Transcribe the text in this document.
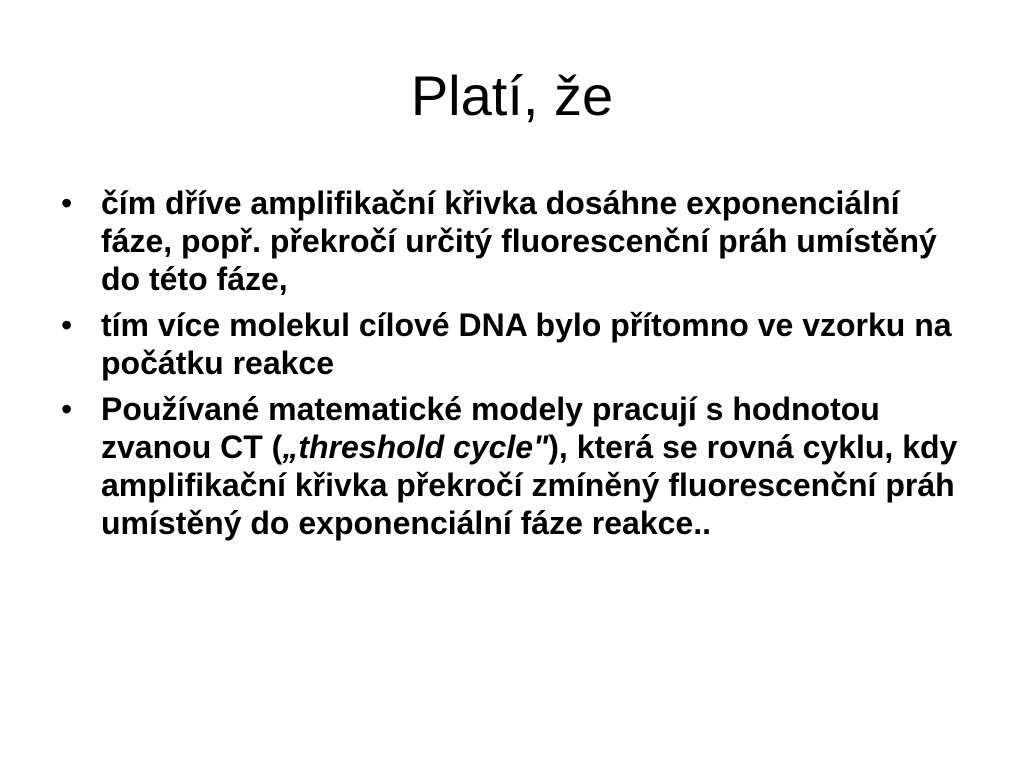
Platí, že
• čím dříve amplifikační křivka dosáhne exponenciální fáze, popř. překročí určitý fluorescenční práh umístěný do této fáze,
• tím více molekul cílové DNA bylo přítomno ve vzorku na počátku reakce
• Používané matematické modely pracují s hodnotou zvanou CT („threshold cycle"), která se rovná cyklu, kdy amplifikační křivka překročí zmíněný fluorescenční práh umístěný do exponenciální fáze reakce..
